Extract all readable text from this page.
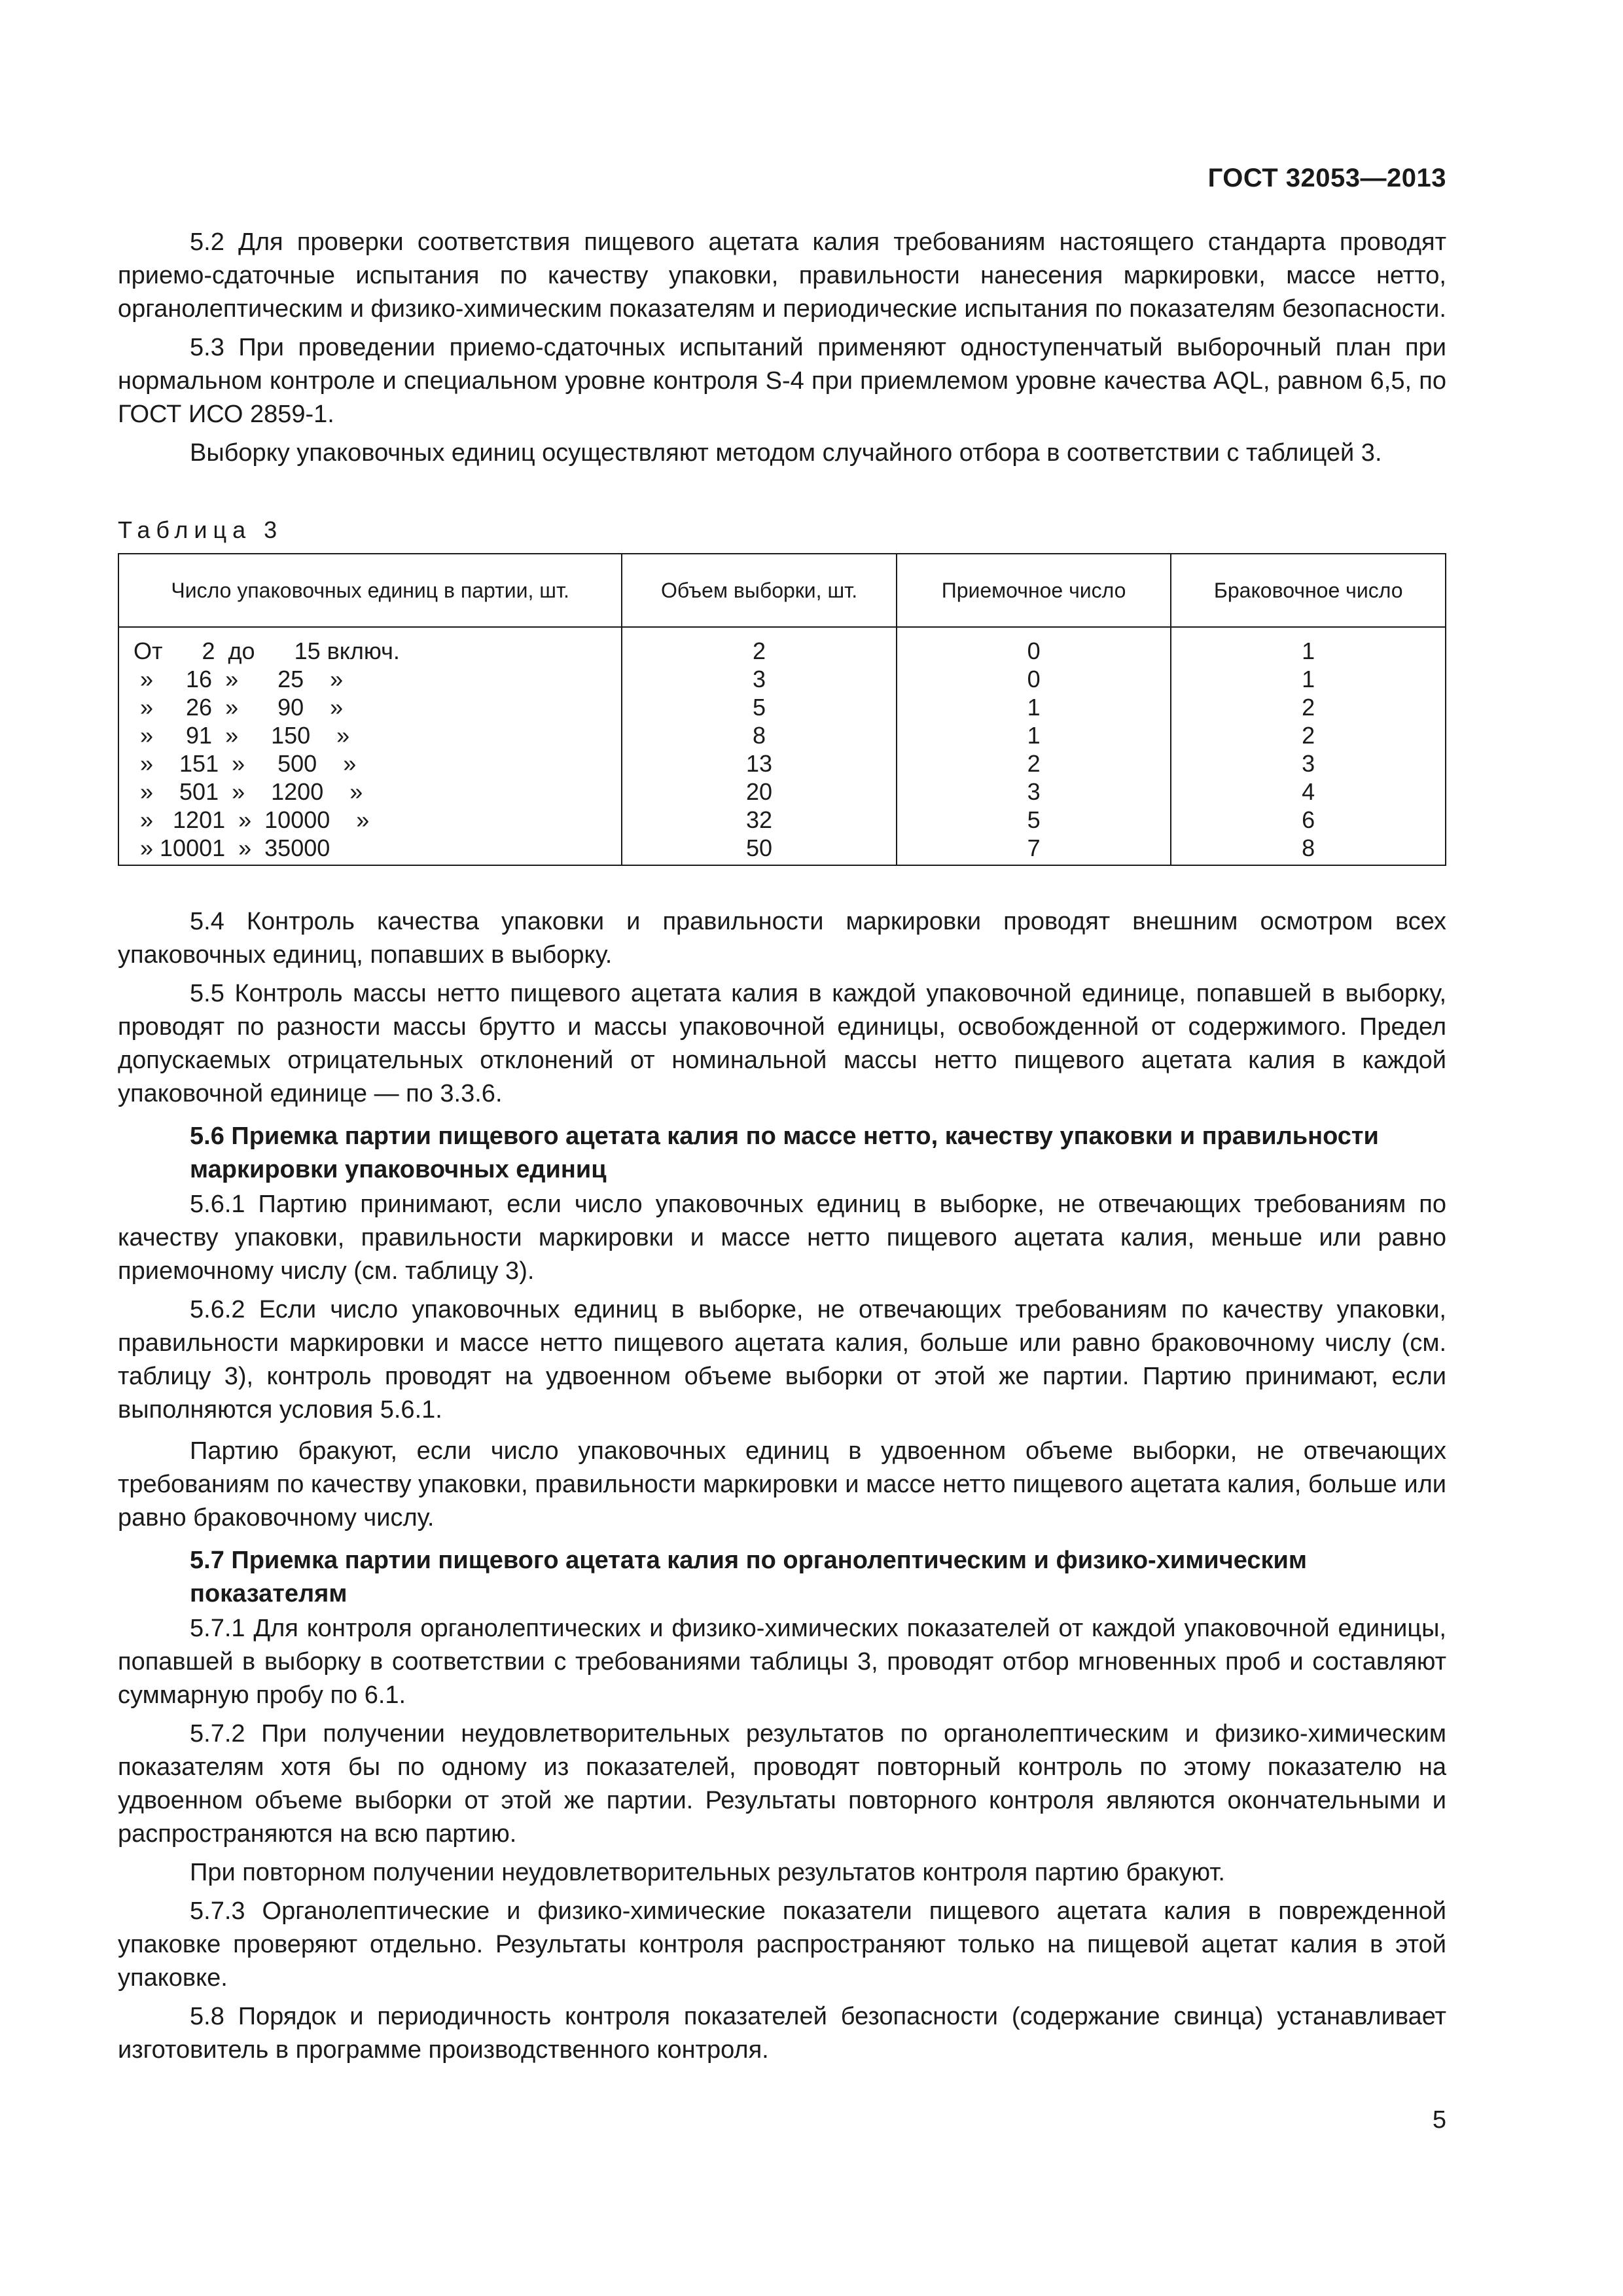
ГОСТ 32053—2013

5.2 Для проверки соответствия пищевого ацетата калия требованиям настоящего стандарта проводят приемо-сдаточные испытания по качеству упаковки, правильности нанесения маркировки, массе нетто, органолептическим и физико-химическим показателям и периодические испытания по показателям безопасности.

5.3 При проведении приемо-сдаточных испытаний применяют одноступенчатый выборочный план при нормальном контроле и специальном уровне контроля S-4 при приемлемом уровне качества AQL, равном 6,5, по ГОСТ ИСО 2859-1.

Выборку упаковочных единиц осуществляют методом случайного отбора в соответствии с таблицей 3.

Таблица 3
Число упаковочных единиц в партии, шт.	Объем выборки, шт.	Приемочное число	Браковочное число
От      2  до      15 включ.	2	0	1
»     16  »      25    »	3	0	1
»     26  »      90    »	5	1	2
»     91  »     150    »	8	1	2
»    151  »     500    »	13	2	3
»    501  »    1200    »	20	3	4
»   1201  »  10000    »	32	5	6
» 10001  »  35000	50	7	8

5.4 Контроль качества упаковки и правильности маркировки проводят внешним осмотром всех упаковочных единиц, попавших в выборку.

5.5 Контроль массы нетто пищевого ацетата калия в каждой упаковочной единице, попавшей в выборку, проводят по разности массы брутто и массы упаковочной единицы, освобожденной от содержимого. Предел допускаемых отрицательных отклонений от номинальной массы нетто пищевого ацетата калия в каждой упаковочной единице — по 3.3.6.

5.6 Приемка партии пищевого ацетата калия по массе нетто, качеству упаковки и правильности маркировки упаковочных единиц

5.6.1 Партию принимают, если число упаковочных единиц в выборке, не отвечающих требованиям по качеству упаковки, правильности маркировки и массе нетто пищевого ацетата калия, меньше или равно приемочному числу (см. таблицу 3).

5.6.2 Если число упаковочных единиц в выборке, не отвечающих требованиям по качеству упаковки, правильности маркировки и массе нетто пищевого ацетата калия, больше или равно браковочному числу (см. таблицу 3), контроль проводят на удвоенном объеме выборки от этой же партии. Партию принимают, если выполняются условия 5.6.1.

Партию бракуют, если число упаковочных единиц в удвоенном объеме выборки, не отвечающих требованиям по качеству упаковки, правильности маркировки и массе нетто пищевого ацетата калия, больше или равно браковочному числу.

5.7 Приемка партии пищевого ацетата калия по органолептическим и физико-химическим показателям

5.7.1 Для контроля органолептических и физико-химических показателей от каждой упаковочной единицы, попавшей в выборку в соответствии с требованиями таблицы 3, проводят отбор мгновенных проб и составляют суммарную пробу по 6.1.

5.7.2 При получении неудовлетворительных результатов по органолептическим и физико-химическим показателям хотя бы по одному из показателей, проводят повторный контроль по этому показателю на удвоенном объеме выборки от этой же партии. Результаты повторного контроля являются окончательными и распространяются на всю партию.

При повторном получении неудовлетворительных результатов контроля партию бракуют.

5.7.3 Органолептические и физико-химические показатели пищевого ацетата калия в поврежденной упаковке проверяют отдельно. Результаты контроля распространяют только на пищевой ацетат калия в этой упаковке.

5.8 Порядок и периодичность контроля показателей безопасности (содержание свинца) устанавливает изготовитель в программе производственного контроля.

5
